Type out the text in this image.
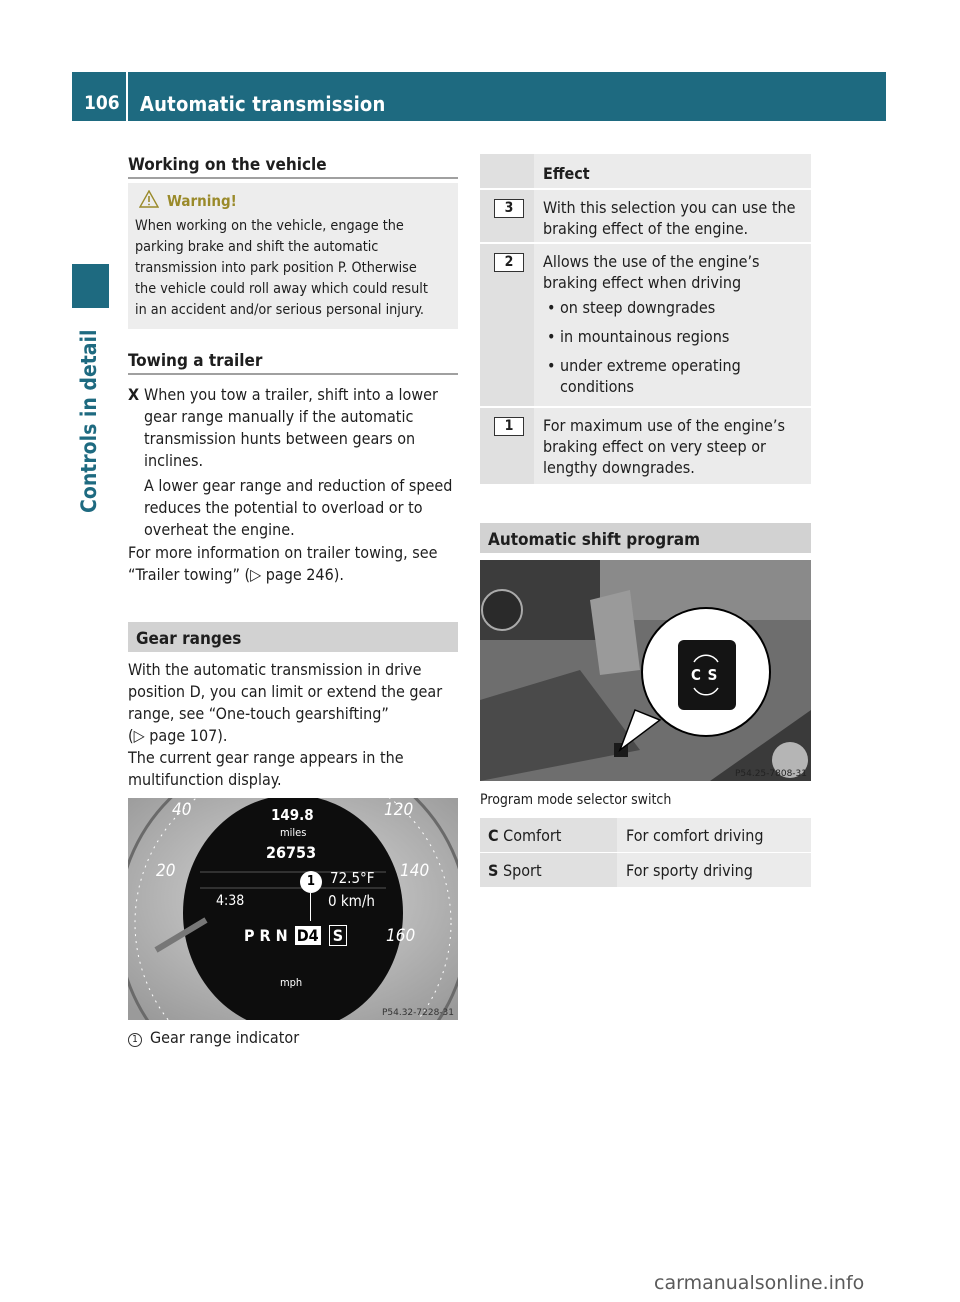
106	Automatic transmission
Controls in detail
Working on the vehicle
Warning!
When working on the vehicle, engage the
parking brake and shift the automatic
transmission into park position P. Otherwise
the vehicle could roll away which could result
in an accident and/or serious personal injury.
Towing a trailer
X When you tow a trailer, shift into a lower
gear range manually if the automatic
transmission hunts between gears on
inclines.
A lower gear range and reduction of speed
reduces the potential to overload or to
overheat the engine.
For more information on trailer towing, see
“Trailer towing” (▷ page 246).
Gear ranges
With the automatic transmission in drive
position D, you can limit or extend the gear
range, see “One-touch gearshifting”
(▷ page 107).
The current gear range appears in the
multifunction display.
40	120
20	140
160
149.8
miles
26753
72.5°F
4:38	0 km/h
1
P R N D4 S
mph
P54.32-7228-31
1 Gear range indicator
Effect
3	With this selection you can use the
braking effect of the engine.
2	Allows the use of the engine’s
braking effect when driving
• on steep downgrades
• in mountainous regions
• under extreme operating
conditions
1	For maximum use of the engine’s
braking effect on very steep or
lengthy downgrades.
Automatic shift program
C S
P54.25-7808-31
Program mode selector switch
C Comfort	For comfort driving
S Sport	For sporty driving
carmanualsonline.info
